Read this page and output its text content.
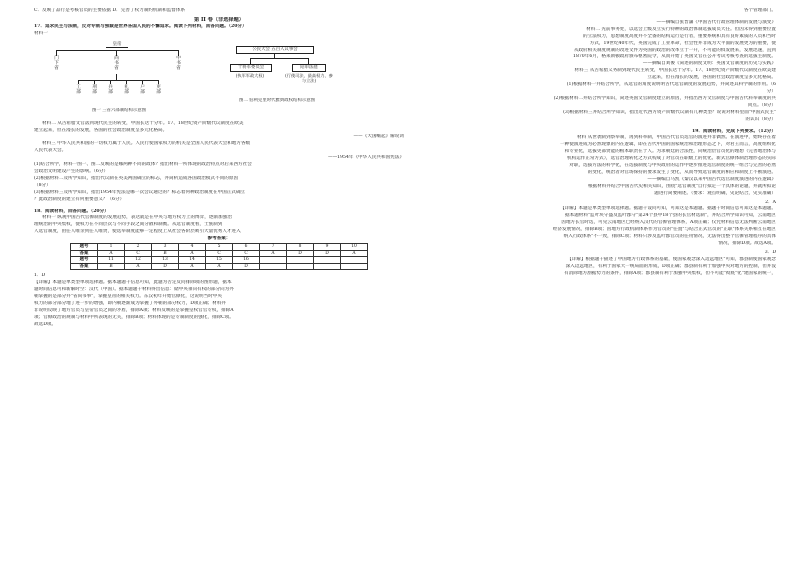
C．反映了品行是考核官员的主要依据 D．完善了权力制约机制和监督体系
第 II 卷（非选择题）
17．追求民主与法制，反对专制与独裁是世界各国人民的不懈追求。阅读下列材料，回答问题。（20分）
材料一
皇帝
门
下
省
尚
书
省
中
书
省
工
部
刑
部
兵
部
礼
部
户
部
吏
部
图一 三省六部制结构示意图
公民大会 五百人议事会
十将军委员会	陪审法庭
(执军军政大权)	(行使司法、最高权力、参与立法)
图二 伯利克里时代雅典政权结构示意图
材料二 从古希腊文官落到现代民主的转变，中国长达十分年。17、18世纪资产阶级代议制度在欧美
建立起来，但在漫长的发展，各国的社会政治制度呈多元化格局。
——《大国崛起》解说词
材料三 中华人民共和国的一切权力属于人民。人民行使国家权力的机关是全国人民代表大会和地方各级
人民代表大会。
——1954年《中华人民共和国宪法》
(1)结合所学，材料一图一、图二反映的是哪两种不同的政体？指出材料一所体现的政治特点对后来西方社会
会政治文明建设产生的影响。（6分）
(2)根据材料二及所学知识，指出代议制在英美两国确立的标志，并简析造成各国政治模式不同的原因
（8分）
(3)根据材料三及所学知识，指出1954年宪法是哪一次会议通过的？标志着何种政治制度在中国正式确立
？此政治制度的建立有何重要意义？（6分）
18．阅读材料，回答问题。（20分）
材料一 纵观中国古代官僚制度的发展趋势，表达就是在中央与地方权力上的博弈，逐渐加强治
理统治的中央集权，使权力在不同层次与不同手段之间分散和制衡。从选官制度看，士族制到
人选官制度，由任人唯亲到任人唯贤，使选举制度能够一定程度上从社会各阶层吸引大量优秀人才进入
参考答案：
题号	1	2	3	4	5	6	7	8	9	10
答案	A	C	B	A	C	C	A	D	D	A
题号	11	12	13	14	15	16				
答案	B	A	D	A	A	D				
1．D
【详解】本题是单类型单项选择题。据本题题干信息可知，此题为否定反问排除项的图形题，据本
题时间信息可和新解时空：汉代（中国）。据本题题干材料得出信息：储中央垂向有权的部分向为外
朝掌握的是部分并"省尚书事"，掌握皇帝的相关权力。东汉初年开始官僚化，这说明当时中央
权力的部分部分地了进一步的增强，即内朝逐渐成为掌握了外朝的部分权力，D项正确；材料并
非说明反映了地方官员与皇帝官员之间的矛盾，排除A项；材料反映的是掌握皇权官官专权，排除A
项；官僚政治的规制与材料中所表现的无关，排除B项；材料体现的是专制制度的强化，排除C项。
故选D项。
各个管理部门。
——摘编自张晋藩《中国古代行政管理体制的发展与演变》
材料二 先前事务处，以选会上级及立实行特种的政治体制选拔成员大任。但因未得到重要位置
的立法权力，思想制度高度并不全备的结构运行是行者，重要系统和具有良好素质的人员和当时
方式，19世纪40年代，英国完成了工业革命，社会性并非成为大平面的发展更为的重要，使
从政府相关制度规制的改进文件为英国的政治的改革立于一升，不可能的俱发展来，发展迅速，直到
1870年6月，格莱斯顿政府颁布枢密院令，从而开始了英国文官在公开考试考核考查的选拔主制度。
——摘编自刘俊《简述的制度文明：英国文官制度的历史与实践》
材料三 从古希腊义务制到现代民主转变，中国长达十分年。17、18世纪资产阶级代议制度在欧美建
立起来，但在漫长的发展，各国的社会政治制度呈多元化格局。
(1)根据材料一并结合所学，从选官的角度说明明古代选官制度的发展趋势，并简述其科学制的作用。（6
分）
(2)根据材料二并结合所学知识，简述英国文官制度建立的原因，并指出西方文官制度与中国古代科举制度的共
同点。（8分）
(3)根据材料三并结合所学知识，指出近代西方资产阶级代议制有几种类型？说说对材料里面"中国式民主"
的认识（8分）
19．阅读材料，完成下列要求。（12分）
材料 从世袭制到察举制，再到科举制，中国古代官员选官的演进并非偶然。在演进中，始终存在着
一种使演进成为必然现象的内在逻辑，即在古代中国的国家统治和治理形态之下，对君王而言，高度组织化
和专业化，选拔吏部贤能的根本职责在于人。为求朝廷的合法性，向统治层官员化的理想（完善地治体与
机构运作正常方式），选官治理转化之方式构成了对官员在职级上的优化、新式官僚体制治理形态的实际
对职，选拔方法的科学化，在选拔制度与中央政府的运作中逐步推进选官制度的统一组合与完善的必然
的变化，统治者对官场保持的要求发生了变化，从而导致选官制度的相应和制度上不断演进。
——摘编自马凯《秦汉以来中国古代选官制度演进的内在逻辑》
根据材料并结合中国古代史相关知识，围绕"选官制度"自行拟定一个具体的论题，并就所拟论
题进行简要阐述。（要求：观点明确，史论结合，史实准确）
2．A
【详解】本题是单类型单项选择题。据题干设问可知，可知这是本题题。据题干时间信息可知这是本题题。
据本题材料"监叶块守盛及监叶郡守"第24个县中18个县的长官材选制"，并结合所学知识可知，云南地区
因地方长官时选，可见云南地区已经纳入汉代的官僚管理体系，A项正确；仅凭材料信息无法判断云南地区
经济发展情况，排除B项；因地方行政机制体系作为官员的"任置"与结合正式官员的"正职"体系关系相互在地区
纳入行政体系"不一致，排除C项；材料只涉及监叶郡官员的任用情况，无法得出整个官僚管理程序的具体
情况，排除D项。故选A项。
3．D
【详解】根据题干描述了中国地方行政体系的基础，使国家观念深入边远地区"可知，郡县制使国家观念
深入边远地区，有利于国家大一统局面的形成，D项正确；郡县制有利于加强中央对地方的控制，但并没
有消除地方割据势力的条件，排除A项；郡县制有利于加强中央集权，但不可能"彻底"化"建国家的统一，
